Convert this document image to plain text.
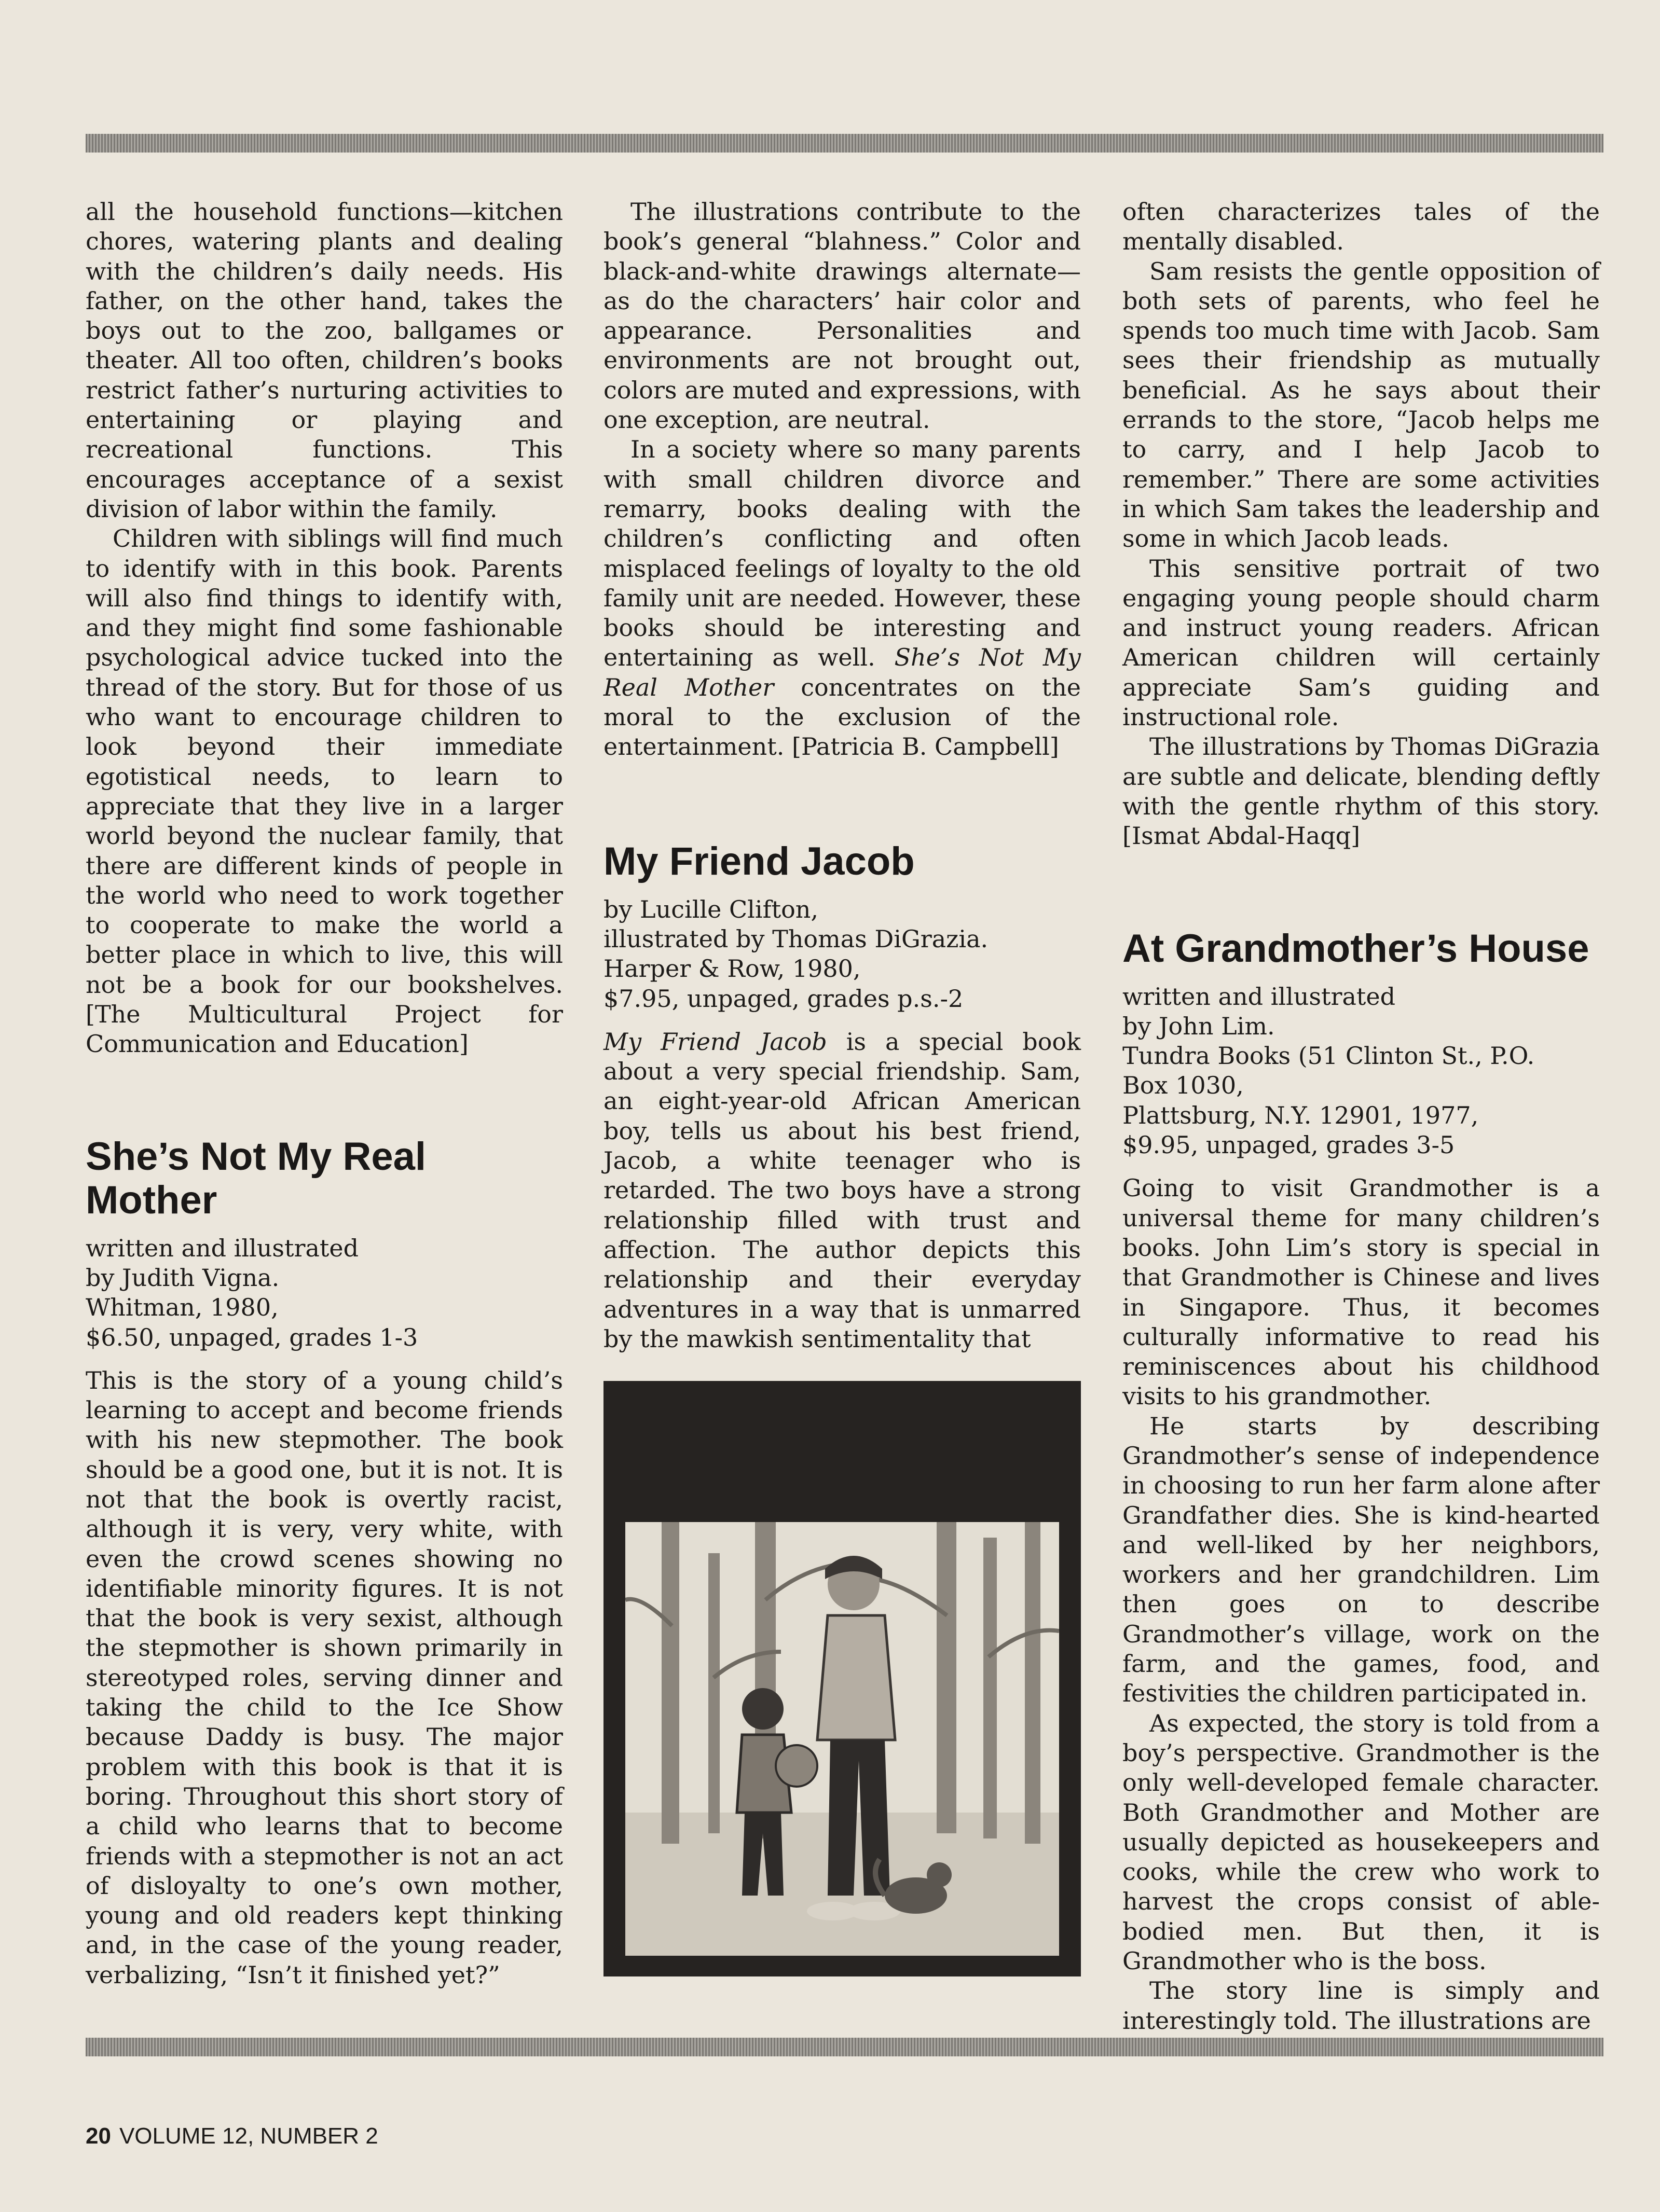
all the household functions—kitchen chores, watering plants and dealing with the children’s daily needs. His father, on the other hand, takes the boys out to the zoo, ballgames or theater. All too often, children’s books restrict father’s nurturing activities to entertaining or playing and recreational functions. This encourages acceptance of a sexist division of labor within the family.

Children with siblings will find much to identify with in this book. Parents will also find things to identify with, and they might find some fashionable psychological advice tucked into the thread of the story. But for those of us who want to encourage children to look beyond their immediate egotistical needs, to learn to appreciate that they live in a larger world beyond the nuclear family, that there are different kinds of people in the world who need to work together to cooperate to make the world a better place in which to live, this will not be a book for our bookshelves. [The Multicultural Project for Communication and Education]

She’s Not My Real Mother
written and illustrated
by Judith Vigna.
Whitman, 1980,
$6.50, unpaged, grades 1-3

This is the story of a young child’s learning to accept and become friends with his new stepmother. The book should be a good one, but it is not. It is not that the book is overtly racist, although it is very, very white, with even the crowd scenes showing no identifiable minority figures. It is not that the book is very sexist, although the stepmother is shown primarily in stereotyped roles, serving dinner and taking the child to the Ice Show because Daddy is busy. The major problem with this book is that it is boring. Throughout this short story of a child who learns that to become friends with a stepmother is not an act of disloyalty to one’s own mother, young and old readers kept thinking and, in the case of the young reader, verbalizing, “Isn’t it finished yet?”

The illustrations contribute to the book’s general “blahness.” Color and black-and-white drawings alternate—as do the characters’ hair color and appearance. Personalities and environments are not brought out, colors are muted and expressions, with one exception, are neutral.

In a society where so many parents with small children divorce and remarry, books dealing with the children’s conflicting and often misplaced feelings of loyalty to the old family unit are needed. However, these books should be interesting and entertaining as well. She’s Not My Real Mother concentrates on the moral to the exclusion of the entertainment. [Patricia B. Campbell]

My Friend Jacob
by Lucille Clifton,
illustrated by Thomas DiGrazia.
Harper & Row, 1980,
$7.95, unpaged, grades p.s.-2

My Friend Jacob is a special book about a very special friendship. Sam, an eight-year-old African American boy, tells us about his best friend, Jacob, a white teenager who is retarded. The two boys have a strong relationship filled with trust and affection. The author depicts this relationship and their everyday adventures in a way that is unmarred by the mawkish sentimentality that

often characterizes tales of the mentally disabled.

Sam resists the gentle opposition of both sets of parents, who feel he spends too much time with Jacob. Sam sees their friendship as mutually beneficial. As he says about their errands to the store, “Jacob helps me to carry, and I help Jacob to remember.” There are some activities in which Sam takes the leadership and some in which Jacob leads.

This sensitive portrait of two engaging young people should charm and instruct young readers. African American children will certainly appreciate Sam’s guiding and instructional role.

The illustrations by Thomas DiGrazia are subtle and delicate, blending deftly with the gentle rhythm of this story. [Ismat Abdal-Haqq]

At Grandmother’s House
written and illustrated
by John Lim.
Tundra Books (51 Clinton St., P.O.
Box 1030,
Plattsburg, N.Y. 12901, 1977,
$9.95, unpaged, grades 3-5

Going to visit Grandmother is a universal theme for many children’s books. John Lim’s story is special in that Grandmother is Chinese and lives in Singapore. Thus, it becomes culturally informative to read his reminiscences about his childhood visits to his grandmother.

He starts by describing Grandmother’s sense of independence in choosing to run her farm alone after Grandfather dies. She is kind-hearted and well-liked by her neighbors, workers and her grandchildren. Lim then goes on to describe Grandmother’s village, work on the farm, and the games, food, and festivities the children participated in.

As expected, the story is told from a boy’s perspective. Grandmother is the only well-developed female character. Both Grandmother and Mother are usually depicted as housekeepers and cooks, while the crew who work to harvest the crops consist of able-bodied men. But then, it is Grandmother who is the boss.

The story line is simply and interestingly told. The illustrations are

20 VOLUME 12, NUMBER 2
